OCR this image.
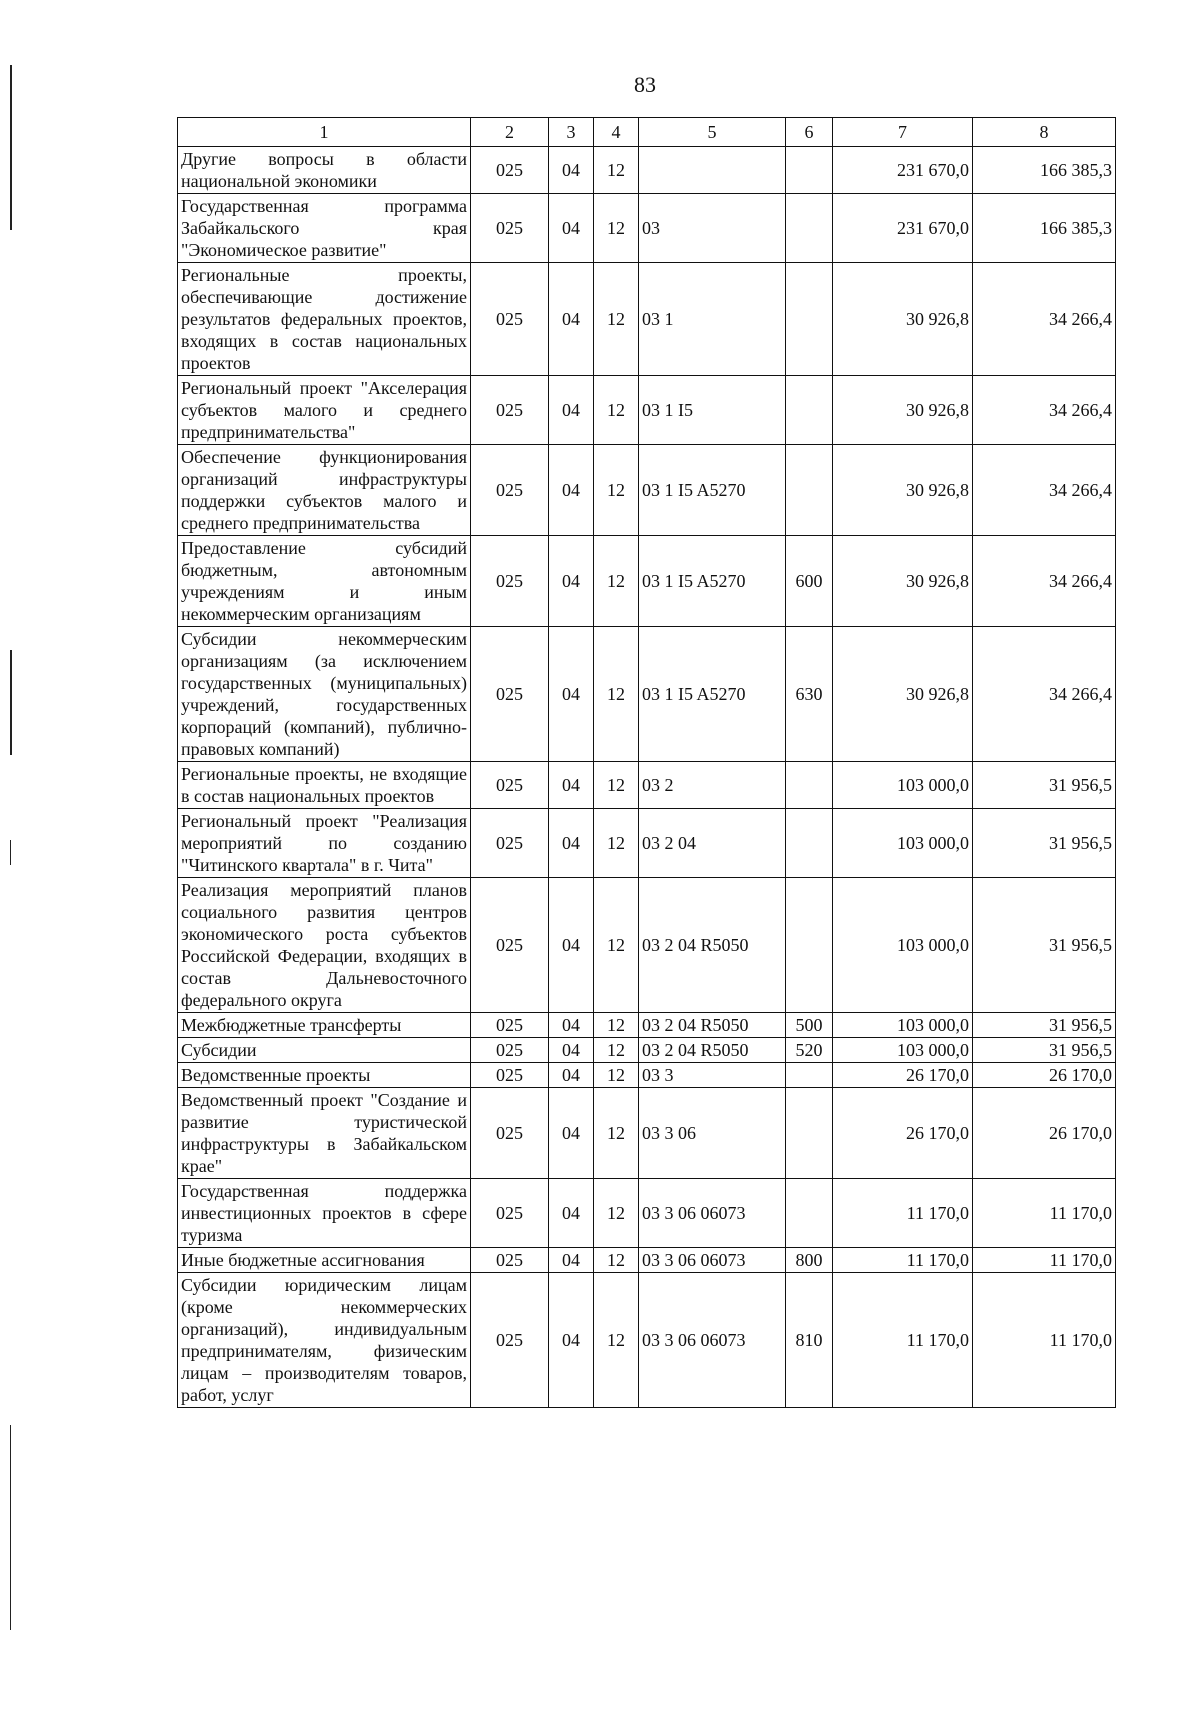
83
1	2	3	4	5	6	7	8
Другие вопросы в области национальной экономики	025	04	12			231 670,0	166 385,3
Государственная программа Забайкальского края "Экономическое развитие"	025	04	12	03		231 670,0	166 385,3
Региональные проекты, обеспечивающие достижение результатов федеральных проектов, входящих в состав национальных проектов	025	04	12	03 1		30 926,8	34 266,4
Региональный проект "Акселерация субъектов малого и среднего предпринимательства"	025	04	12	03 1 I5		30 926,8	34 266,4
Обеспечение функционирования организаций инфраструктуры поддержки субъектов малого и среднего предпринимательства	025	04	12	03 1 I5 A5270		30 926,8	34 266,4
Предоставление субсидий бюджетным, автономным учреждениям и иным некоммерческим организациям	025	04	12	03 1 I5 A5270	600	30 926,8	34 266,4
Субсидии некоммерческим организациям (за исключением государственных (муниципальных) учреждений, государственных корпораций (компаний), публично-правовых компаний)	025	04	12	03 1 I5 A5270	630	30 926,8	34 266,4
Региональные проекты, не входящие в состав национальных проектов	025	04	12	03 2		103 000,0	31 956,5
Региональный проект "Реализация мероприятий по созданию "Читинского квартала" в г. Чита"	025	04	12	03 2 04		103 000,0	31 956,5
Реализация мероприятий планов социального развития центров экономического роста субъектов Российской Федерации, входящих в состав Дальневосточного федерального округа	025	04	12	03 2 04 R5050		103 000,0	31 956,5
Межбюджетные трансферты	025	04	12	03 2 04 R5050	500	103 000,0	31 956,5
Субсидии	025	04	12	03 2 04 R5050	520	103 000,0	31 956,5
Ведомственные проекты	025	04	12	03 3		26 170,0	26 170,0
Ведомственный проект "Создание и развитие туристической инфраструктуры в Забайкальском крае"	025	04	12	03 3 06		26 170,0	26 170,0
Государственная поддержка инвестиционных проектов в сфере туризма	025	04	12	03 3 06 06073		11 170,0	11 170,0
Иные бюджетные ассигнования	025	04	12	03 3 06 06073	800	11 170,0	11 170,0
Субсидии юридическим лицам (кроме некоммерческих организаций), индивидуальным предпринимателям, физическим лицам – производителям товаров, работ, услуг	025	04	12	03 3 06 06073	810	11 170,0	11 170,0
